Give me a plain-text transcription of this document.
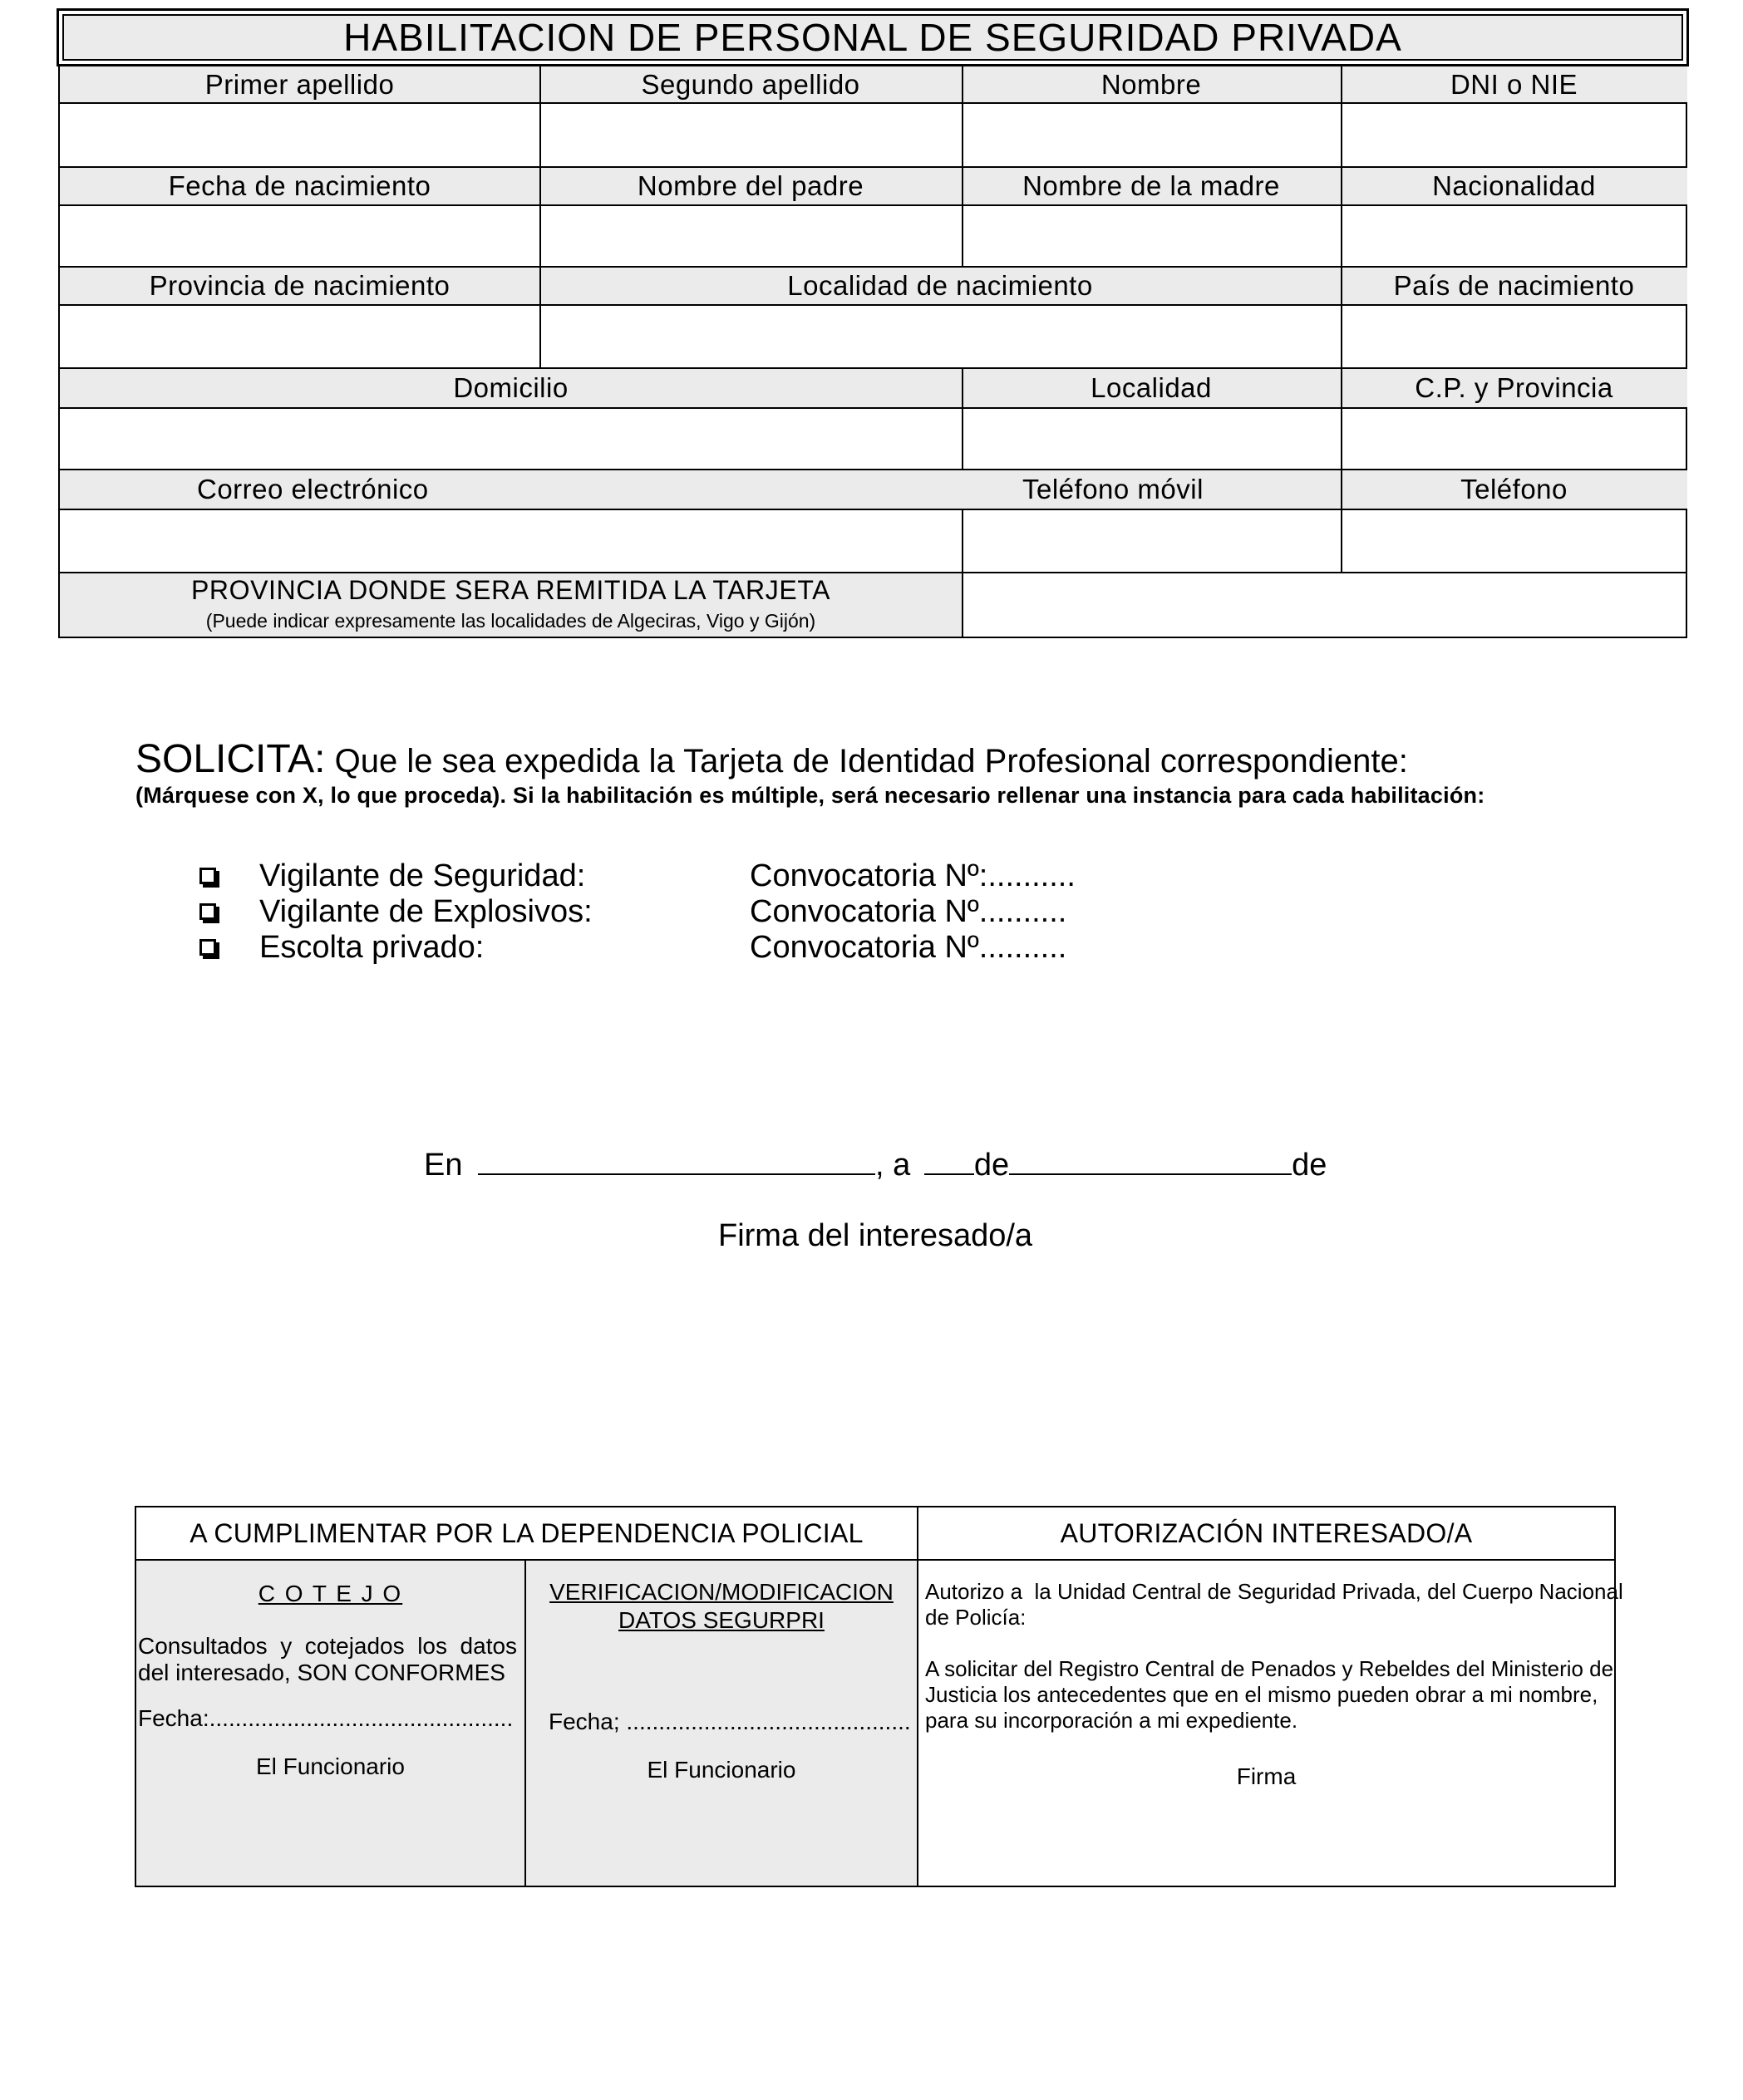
HABILITACION DE PERSONAL DE SEGURIDAD PRIVADA
Primer apellido	Segundo apellido	Nombre	DNI o NIE
Fecha de nacimiento	Nombre del padre	Nombre de la madre	Nacionalidad
Provincia de nacimiento	Localidad de nacimiento	País de nacimiento
Domicilio	Localidad	C.P. y Provincia
Correo electrónico	Teléfono móvil	Teléfono
PROVINCIA DONDE SERA REMITIDA LA TARJETA
(Puede indicar expresamente las localidades de Algeciras, Vigo y Gijón)
SOLICITA: Que le sea expedida la Tarjeta de Identidad Profesional correspondiente:
(Márquese con X, lo que proceda). Si la habilitación es múltiple, será necesario rellenar una instancia para cada habilitación:
Vigilante de Seguridad:	Convocatoria Nº:..........
Vigilante de Explosivos:	Convocatoria Nº..........
Escolta privado:	Convocatoria Nº..........
En	, a de	de
Firma del interesado/a
A CUMPLIMENTAR POR LA DEPENDENCIA POLICIAL	AUTORIZACIÓN INTERESADO/A
C O T E J O
Consultados  y  cotejados  los  datos
del interesado, SON CONFORMES
Fecha:...............................................
El Funcionario
VERIFICACION/MODIFICACION
DATOS SEGURPRI
Fecha; ............................................
El Funcionario
Autorizo a  la Unidad Central de Seguridad Privada, del Cuerpo Nacional
de Policía:
A solicitar del Registro Central de Penados y Rebeldes del Ministerio de
Justicia los antecedentes que en el mismo pueden obrar a mi nombre,
para su incorporación a mi expediente.
Firma
